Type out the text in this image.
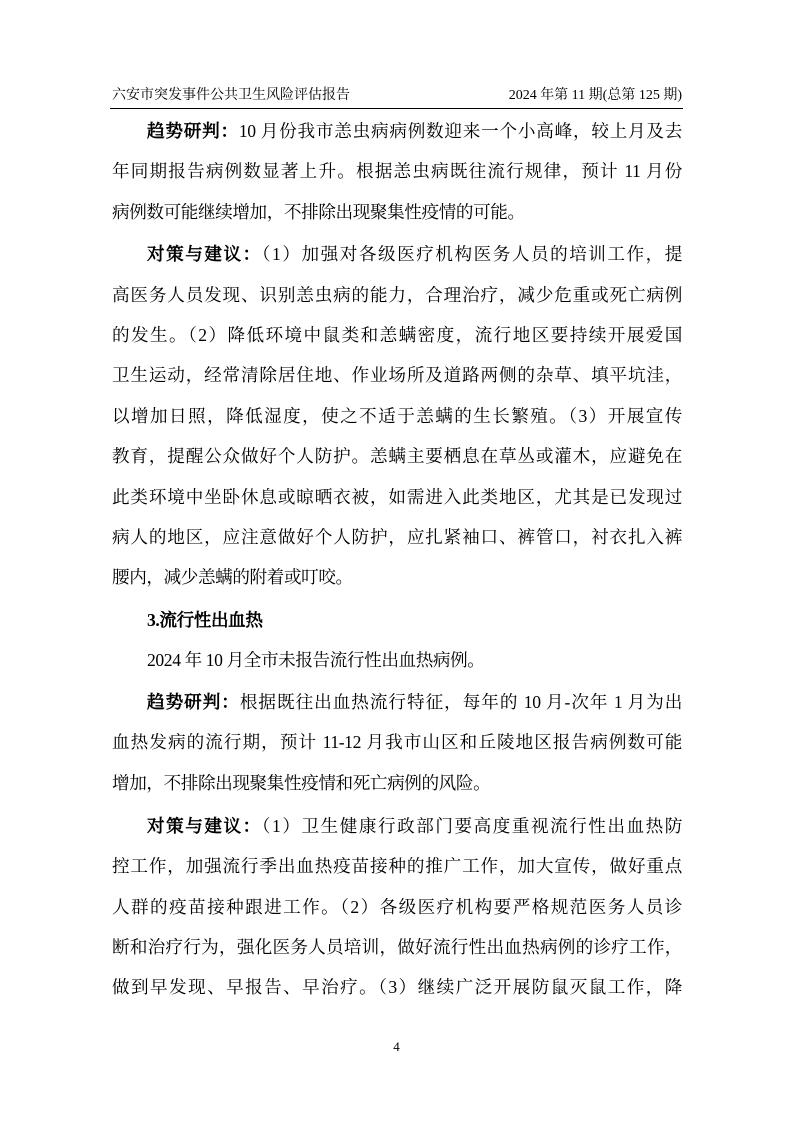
六安市突发事件公共卫生风险评估报告	2024 年第 11 期(总第 125 期)
趋势研判：10 月份我市恙虫病病例数迎来一个小高峰，较上月及去
年同期报告病例数显著上升。根据恙虫病既往流行规律，预计 11 月份
病例数可能继续增加，不排除出现聚集性疫情的可能。
对策与建议：（1）加强对各级医疗机构医务人员的培训工作，提
高医务人员发现、识别恙虫病的能力，合理治疗，减少危重或死亡病例
的发生。（2）降低环境中鼠类和恙螨密度，流行地区要持续开展爱国
卫生运动，经常清除居住地、作业场所及道路两侧的杂草、填平坑洼，
以增加日照，降低湿度，使之不适于恙螨的生长繁殖。（3）开展宣传
教育，提醒公众做好个人防护。恙螨主要栖息在草丛或灌木，应避免在
此类环境中坐卧休息或晾晒衣被，如需进入此类地区，尤其是已发现过
病人的地区，应注意做好个人防护，应扎紧袖口、裤管口，衬衣扎入裤
腰内，减少恙螨的附着或叮咬。
3.流行性出血热
2024 年 10 月全市未报告流行性出血热病例。
趋势研判：根据既往出血热流行特征，每年的 10 月-次年 1 月为出
血热发病的流行期，预计 11-12 月我市山区和丘陵地区报告病例数可能
增加，不排除出现聚集性疫情和死亡病例的风险。
对策与建议：（1）卫生健康行政部门要高度重视流行性出血热防
控工作，加强流行季出血热疫苗接种的推广工作，加大宣传，做好重点
人群的疫苗接种跟进工作。（2）各级医疗机构要严格规范医务人员诊
断和治疗行为，强化医务人员培训，做好流行性出血热病例的诊疗工作，
做到早发现、早报告、早治疗。（3）继续广泛开展防鼠灭鼠工作，降
4
